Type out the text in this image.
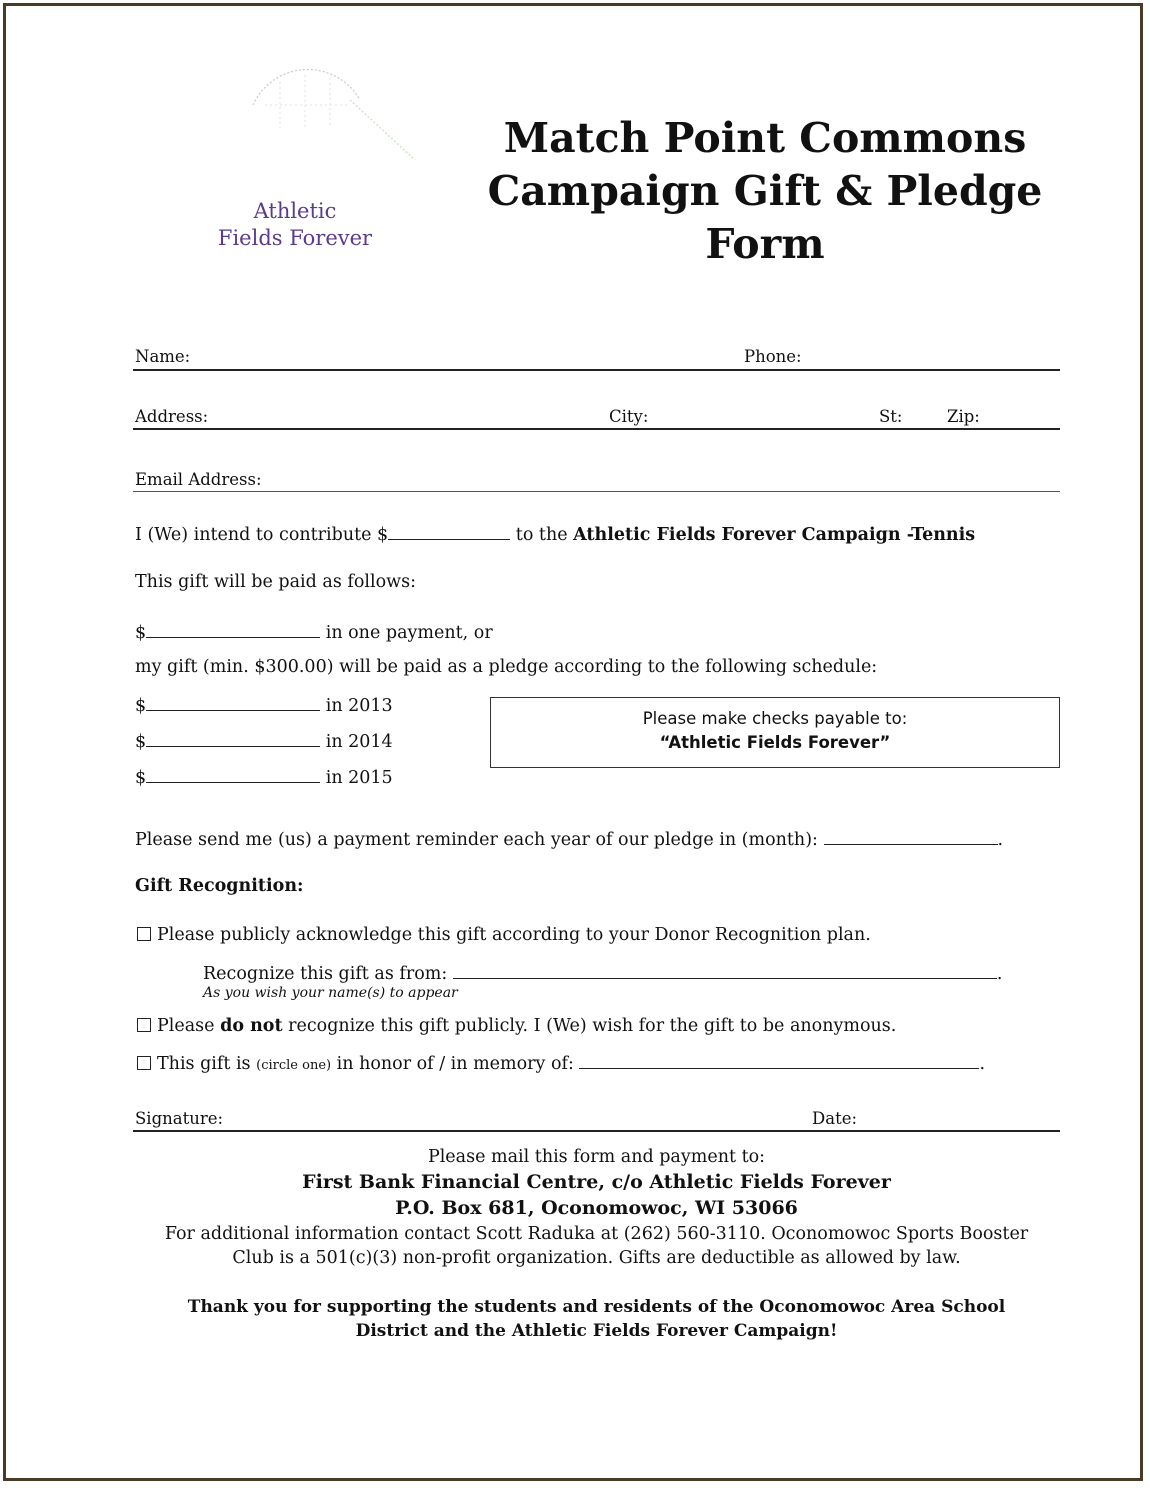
Athletic
Fields Forever
Match Point Commons
Campaign Gift & Pledge
Form
Name:	Phone:
Address:	City:	St:	Zip:
Email Address:
I (We) intend to contribute $	to the Athletic Fields Forever Campaign -Tennis
This gift will be paid as follows:
$	in one payment, or
my gift (min. $300.00) will be paid as a pledge according to the following schedule:
$	in 2013
$	in 2014
$	in 2015
Please make checks payable to:
“Athletic Fields Forever”
Please send me (us) a payment reminder each year of our pledge in (month):	.
Gift Recognition:
Please publicly acknowledge this gift according to your Donor Recognition plan.
Recognize this gift as from:	.
As you wish your name(s) to appear
Please do not recognize this gift publicly. I (We) wish for the gift to be anonymous.
This gift is (circle one) in honor of / in memory of:	.
Signature:	Date:
Please mail this form and payment to:
First Bank Financial Centre, c/o Athletic Fields Forever
P.O. Box 681, Oconomowoc, WI 53066
For additional information contact Scott Raduka at (262) 560-3110. Oconomowoc Sports Booster
Club is a 501(c)(3) non-profit organization. Gifts are deductible as allowed by law.
Thank you for supporting the students and residents of the Oconomowoc Area School
District and the Athletic Fields Forever Campaign!
